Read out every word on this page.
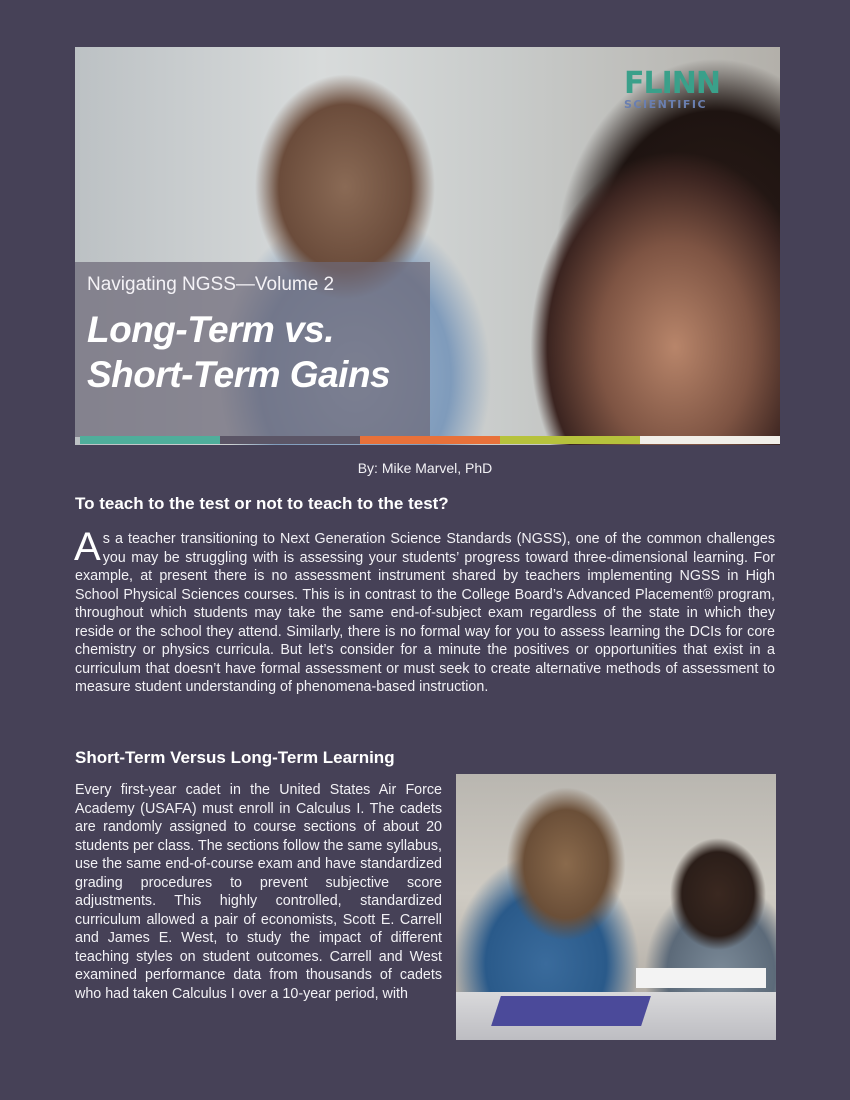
FLINN
SCIENTIFIC
Navigating NGSS—Volume 2
Long-Term vs. Short-Term Gains
By: Mike Marvel, PhD
To teach to the test or not to teach to the test?
As a teacher transitioning to Next Generation Science Standards (NGSS), one of the common challenges you may be struggling with is assessing your students’ progress toward three-dimensional learning. For example, at present there is no assessment instrument shared by teachers implementing NGSS in High School Physical Sciences courses. This is in contrast to the College Board’s Advanced Placement® program, throughout which students may take the same end-of-subject exam regardless of the state in which they reside or the school they attend. Similarly, there is no formal way for you to assess learning the DCIs for core chemistry or physics curricula. But let’s consider for a minute the positives or opportunities that exist in a curriculum that doesn’t have formal assessment or must seek to create alternative methods of assessment to measure student understanding of phenomena-based instruction.
Short-Term Versus Long-Term Learning
Every first-year cadet in the United States Air Force Academy (USAFA) must enroll in Calculus I. The cadets are randomly assigned to course sections of about 20 students per class. The sections follow the same syllabus, use the same end-of-course exam and have standardized grading procedures to prevent subjective score adjustments. This highly controlled, standardized curriculum allowed a pair of economists, Scott E. Carrell and James E. West, to study the impact of different teaching styles on student outcomes. Carrell and West examined performance data from thousands of cadets who had taken Calculus I over a 10-year period, with
